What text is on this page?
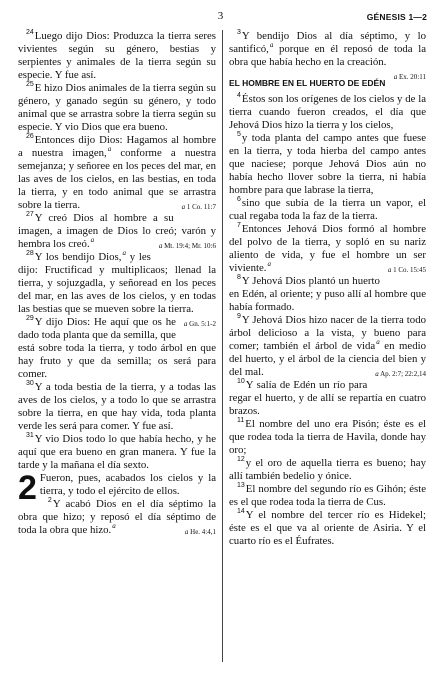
3	GÉNESIS 1—2

$^{24}$Luego dijo Dios: Produzca la tierra seres vivientes según su género, bestias y serpientes y animales de la tierra según su especie. Y fue así.

$^{25}$E hizo Dios animales de la tierra según su género, y ganado según su género, y todo animal que se arrastra sobre la tierra según su especie. Y vio Dios que era bueno.

$^{26}$Entonces dijo Dios: Hagamos al hombre a nuestra imagen,$^a$ conforme a nuestra semejanza; y señoree en los peces del mar, en las aves de los cielos, en las bestias, en toda la tierra, y en todo animal que se arrastra sobre la tierra.	a 1 Co. 11:7

$^{27}$Y creó Dios al hombre a su imagen, a imagen de Dios lo creó; varón y hembra los creó.$^a$
a Mt. 19:4; Mr. 10:6

$^{28}$Y los bendijo Dios,$^a$ y les dijo: Fructificad y multiplicaos; llenad la tierra, y sojuzgadla, y señoread en los peces del mar, en las aves de los cielos, y en todas las bestias que se mueven sobre la tierra.
a Gn. 5:1-2

$^{29}$Y dijo Dios: He aquí que os he dado toda planta que da semilla, que está sobre toda la tierra, y todo árbol en que hay fruto y que da semilla; os será para comer.

$^{30}$Y a toda bestia de la tierra, y a todas las aves de los cielos, y a todo lo que se arrastra sobre la tierra, en que hay vida, toda planta verde les será para comer. Y fue así.

$^{31}$Y vio Dios todo lo que había hecho, y he aquí que era bueno en gran manera. Y fue la tarde y la mañana el día sexto.

2 Fueron, pues, acabados los cielos y la tierra, y todo el ejército de ellos.

$^2$Y acabó Dios en el día séptimo la obra que hizo; y reposó el día séptimo de toda la obra que hizo.$^a$
a He. 4:4,1

$^3$Y bendijo Dios al día séptimo, y lo santificó,$^a$ porque en él reposó de toda la obra que había hecho en la creación.
a Ex. 20:11

EL HOMBRE EN EL HUERTO DE EDÉN

$^4$Éstos son los orígenes de los cielos y de la tierra cuando fueron creados, el día que Jehová Dios hizo la tierra y los cielos,

$^5$y toda planta del campo antes que fuese en la tierra, y toda hierba del campo antes que naciese; porque Jehová Dios aún no había hecho llover sobre la tierra, ni había hombre para que labrase la tierra,

$^6$sino que subía de la tierra un vapor, el cual regaba toda la faz de la tierra.

$^7$Entonces Jehová Dios formó al hombre del polvo de la tierra, y sopló en su nariz aliento de vida, y fue el hombre un ser viviente.$^a$
a 1 Co. 15:45

$^8$Y Jehová Dios plantó un huerto en Edén, al oriente; y puso allí al hombre que había formado.

$^9$Y Jehová Dios hizo nacer de la tierra todo árbol delicioso a la vista, y bueno para comer; también el árbol de vida$^a$ en medio del huerto, y el árbol de la ciencia del bien y del mal.	a Ap. 2:7; 22:2,14

$^{10}$Y salía de Edén un río para regar el huerto, y de allí se repartía en cuatro brazos.

$^{11}$El nombre del uno era Pisón; éste es el que rodea toda la tierra de Havila, donde hay oro;

$^{12}$y el oro de aquella tierra es bueno; hay allí también bedelio y ónice.

$^{13}$El nombre del segundo río es Gihón; éste es el que rodea toda la tierra de Cus.

$^{14}$Y el nombre del tercer río es Hidekel; éste es el que va al oriente de Asiria. Y el cuarto río es el Éufrates.
